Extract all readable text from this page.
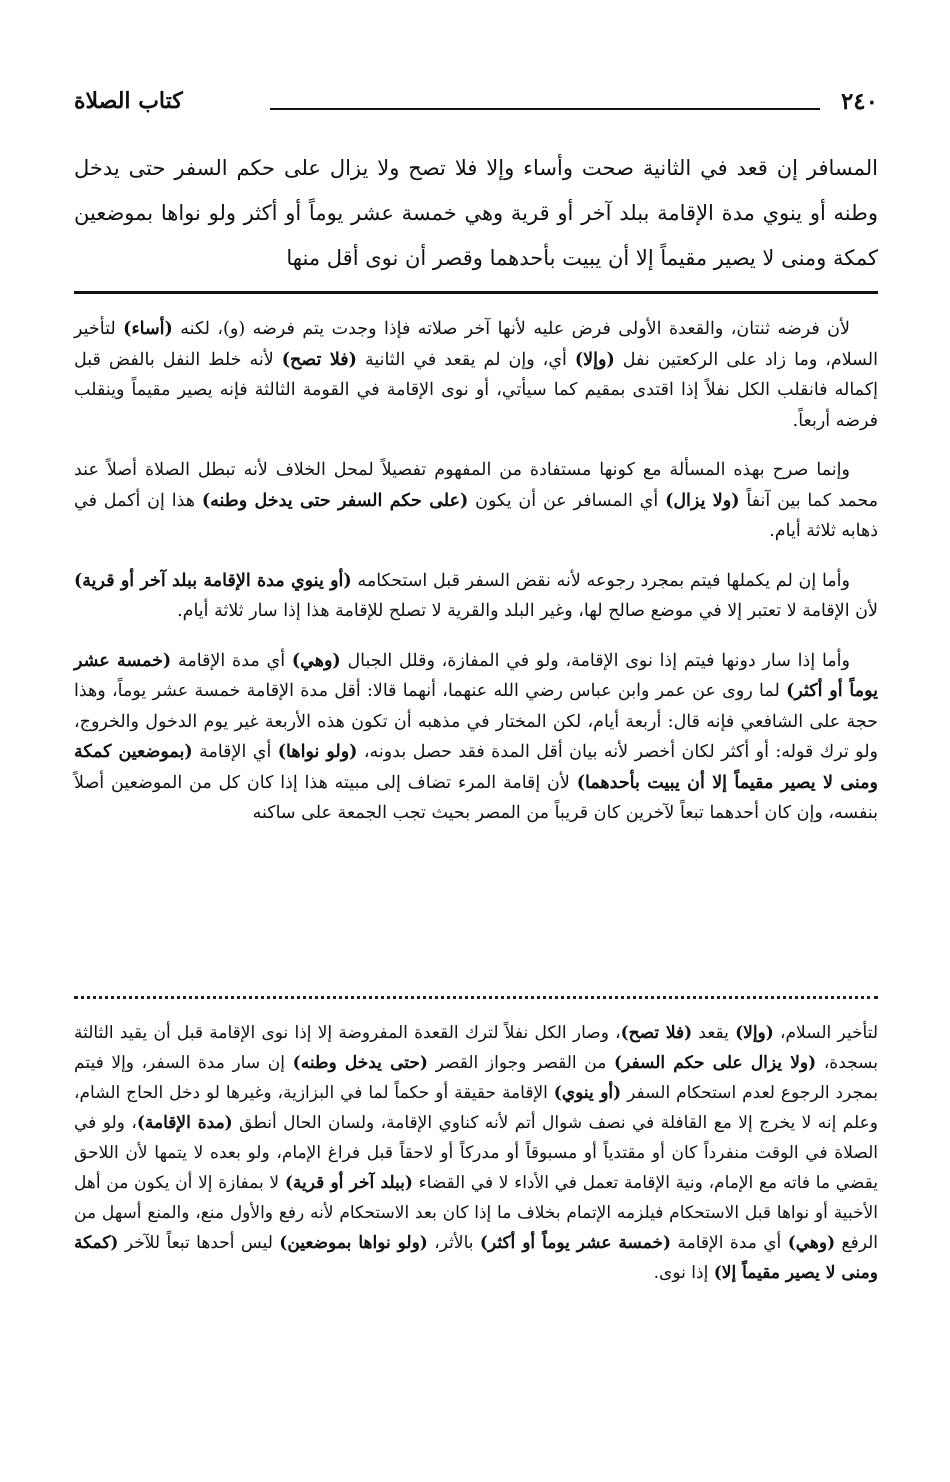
٢٤٠
كتاب الصلاة

المسافر إن قعد في الثانية صحت وأساء وإلا فلا تصح ولا يزال على حكم السفر حتى يدخل وطنه أو ينوي مدة الإقامة ببلد آخر أو قرية وهي خمسة عشر يوماً أو أكثر ولو نواها بموضعين كمكة ومنى لا يصير مقيماً إلا أن يبيت بأحدهما وقصر أن نوى أقل منها

لأن فرضه ثنتان، والقعدة الأولى فرض عليه لأنها آخر صلاته فإذا وجدت يتم فرضه (و)، لكنه (أساء) لتأخير السلام، وما زاد على الركعتين نفل (وإلا) أي، وإن لم يقعد في الثانية (فلا تصح) لأنه خلط النفل بالفض قبل إكماله فانقلب الكل نفلاً إذا اقتدى بمقيم كما سيأتي، أو نوى الإقامة في القومة الثالثة فإنه يصير مقيماً وينقلب فرضه أربعاً.

وإنما صرح بهذه المسألة مع كونها مستفادة من المفهوم تفصيلاً لمحل الخلاف لأنه تبطل الصلاة أصلاً عند محمد كما بين آنفاً (ولا يزال) أي المسافر عن أن يكون (على حكم السفر حتى يدخل وطنه) هذا إن أكمل في ذهابه ثلاثة أيام.

وأما إن لم يكملها فيتم بمجرد رجوعه لأنه نقض السفر قبل استحكامه (أو ينوي مدة الإقامة ببلد آخر أو قرية) لأن الإقامة لا تعتبر إلا في موضع صالح لها، وغير البلد والقرية لا تصلح للإقامة هذا إذا سار ثلاثة أيام.

وأما إذا سار دونها فيتم إذا نوى الإقامة، ولو في المفازة، وقلل الجبال (وهي) أي مدة الإقامة (خمسة عشر يوماً أو أكثر) لما روى عن عمر وابن عباس رضي الله عنهما، أنهما قالا: أقل مدة الإقامة خمسة عشر يوماً، وهذا حجة على الشافعي فإنه قال: أربعة أيام، لكن المختار في مذهبه أن تكون هذه الأربعة غير يوم الدخول والخروج، ولو ترك قوله: أو أكثر لكان أخصر لأنه بيان أقل المدة فقد حصل بدونه، (ولو نواها) أي الإقامة (بموضعين كمكة ومنى لا يصير مقيماً إلا أن يبيت بأحدهما) لأن إقامة المرء تضاف إلى مبيته هذا إذا كان كل من الموضعين أصلاً بنفسه، وإن كان أحدهما تبعاً لآخرين كان قريباً من المصر بحيث تجب الجمعة على ساكنه

لتأخير السلام، (وإلا) يقعد (فلا تصح)، وصار الكل نفلاً لترك القعدة المفروضة إلا إذا نوى الإقامة قبل أن يقيد الثالثة بسجدة، (ولا يزال على حكم السفر) من القصر وجواز القصر (حتى يدخل وطنه) إن سار مدة السفر، وإلا فيتم بمجرد الرجوع لعدم استحكام السفر (أو ينوي) الإقامة حقيقة أو حكماً لما في البزازية، وغيرها لو دخل الحاج الشام، وعلم إنه لا يخرج إلا مع القافلة في نصف شوال أتم لأنه كناوي الإقامة، ولسان الحال أنطق (مدة الإقامة)، ولو في الصلاة في الوقت منفرداً كان أو مقتدياً أو مسبوقاً أو مدركاً أو لاحقاً قبل فراغ الإمام، ولو بعده لا يتمها لأن اللاحق يقضي ما فاته مع الإمام، ونية الإقامة تعمل في الأداء لا في القضاء (ببلد آخر أو قرية) لا بمفازة إلا أن يكون من أهل الأخبية أو نواها قبل الاستحكام فيلزمه الإتمام بخلاف ما إذا كان بعد الاستحكام لأنه رفع والأول منع، والمنع أسهل من الرفع (وهي) أي مدة الإقامة (خمسة عشر يوماً أو أكثر) بالأثر، (ولو نواها بموضعين) ليس أحدها تبعاً للآخر (كمكة ومنى لا يصير مقيماً إلا) إذا نوى.
